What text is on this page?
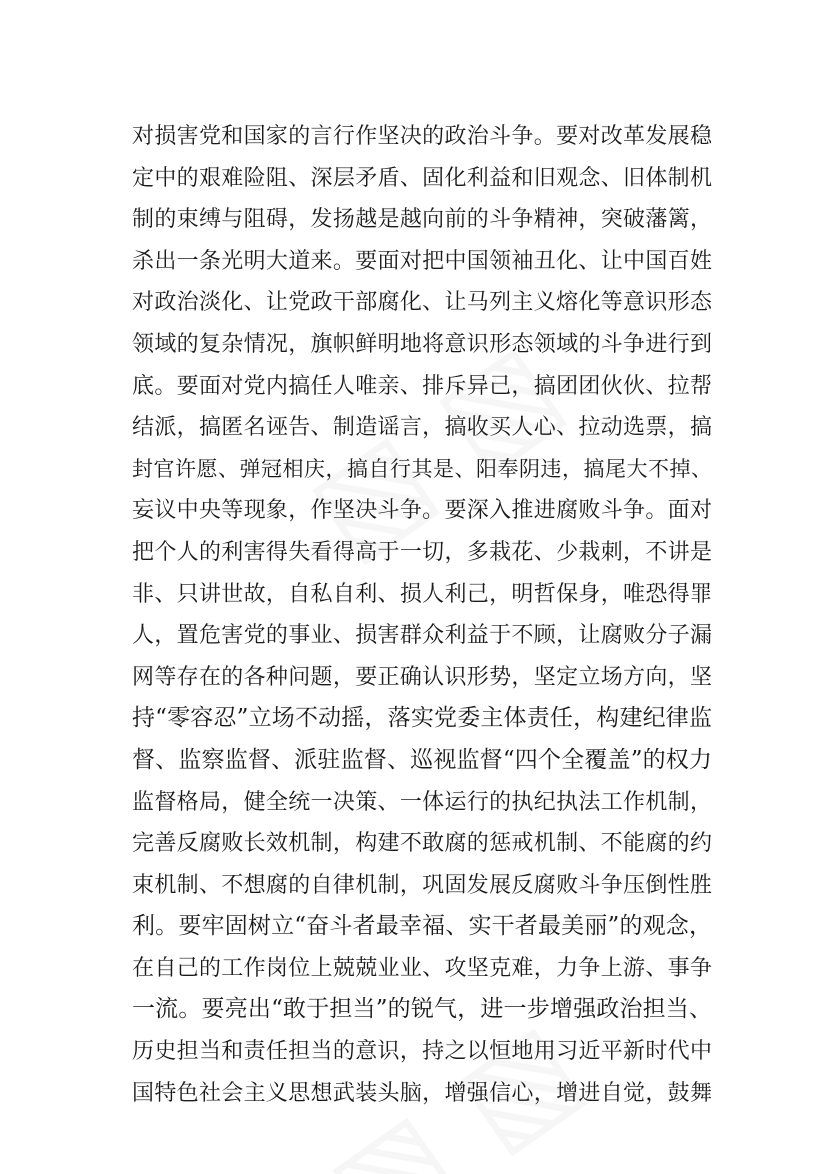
对损害党和国家的言行作坚决的政治斗争。要对改革发展稳
定中的艰难险阻、深层矛盾、固化利益和旧观念、旧体制机
制的束缚与阻碍，发扬越是越向前的斗争精神，突破藩篱，
杀出一条光明大道来。要面对把中国领袖丑化、让中国百姓
对政治淡化、让党政干部腐化、让马列主义熔化等意识形态
领域的复杂情况，旗帜鲜明地将意识形态领域的斗争进行到
底。要面对党内搞任人唯亲、排斥异己，搞团团伙伙、拉帮
结派，搞匿名诬告、制造谣言，搞收买人心、拉动选票，搞
封官许愿、弹冠相庆，搞自行其是、阳奉阴违，搞尾大不掉、
妄议中央等现象，作坚决斗争。要深入推进腐败斗争。面对
把个人的利害得失看得高于一切，多栽花、少栽刺，不讲是
非、只讲世故，自私自利、损人利己，明哲保身，唯恐得罪
人，置危害党的事业、损害群众利益于不顾，让腐败分子漏
网等存在的各种问题，要正确认识形势，坚定立场方向，坚
持“零容忍”立场不动摇，落实党委主体责任，构建纪律监
督、监察监督、派驻监督、巡视监督“四个全覆盖”的权力
监督格局，健全统一决策、一体运行的执纪执法工作机制，
完善反腐败长效机制，构建不敢腐的惩戒机制、不能腐的约
束机制、不想腐的自律机制，巩固发展反腐败斗争压倒性胜
利。要牢固树立“奋斗者最幸福、实干者最美丽”的观念，
在自己的工作岗位上兢兢业业、攻坚克难，力争上游、事争
一流。要亮出“敢于担当”的锐气，进一步增强政治担当、
历史担当和责任担当的意识，持之以恒地用习近平新时代中
国特色社会主义思想武装头脑，增强信心，增进自觉，鼓舞
